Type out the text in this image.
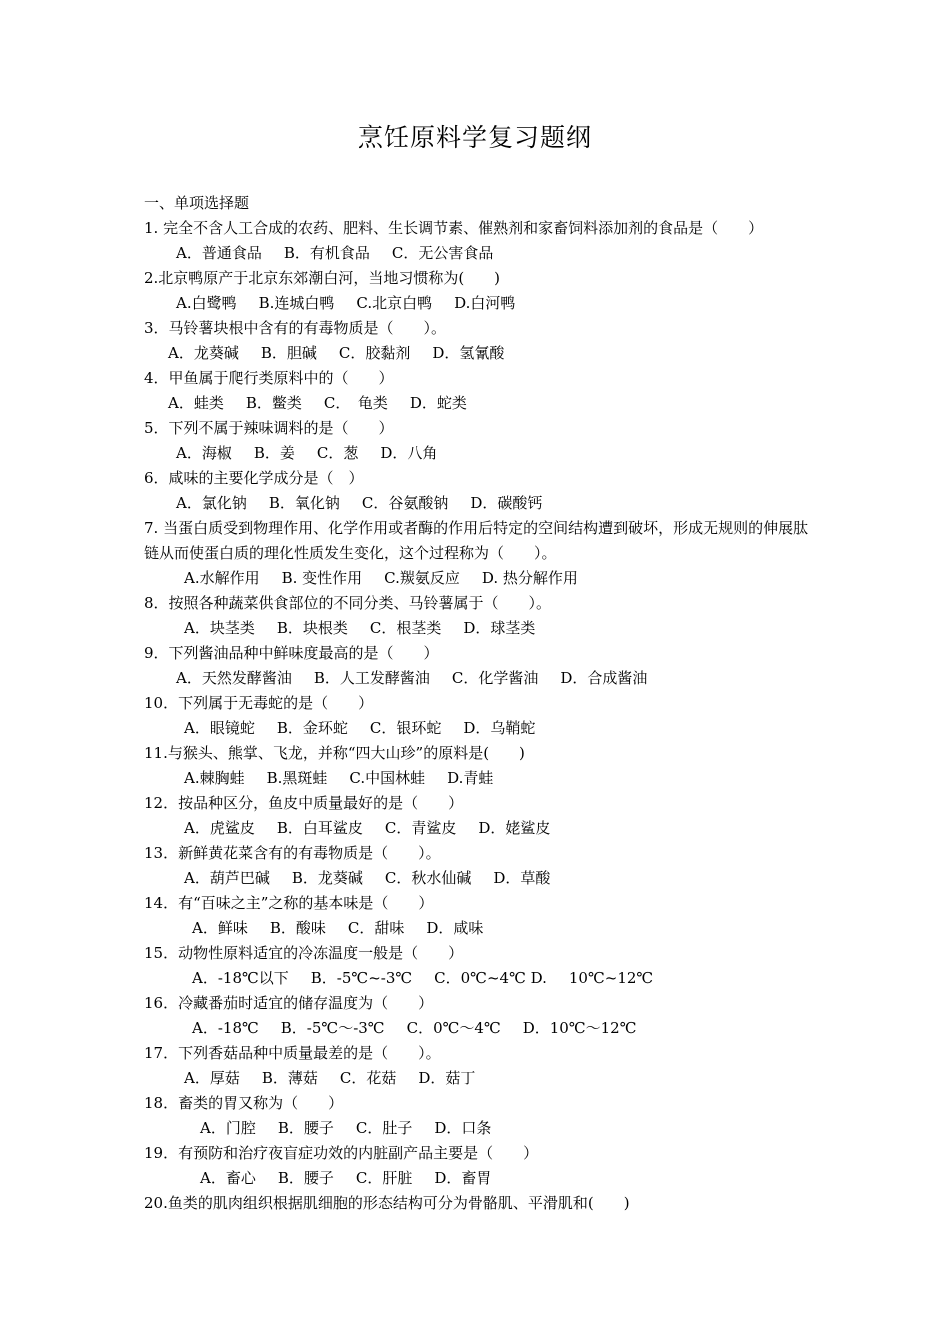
烹饪原料学复习题纲
一、单项选择题
1. 完全不含人工合成的农药、肥料、生长调节素、催熟剂和家畜饲料添加剂的食品是（　　）
A．普通食品 B．有机食品 C．无公害食品
2.北京鸭原产于北京东郊潮白河，当地习惯称为(　　)
A.白鹭鸭 B.连城白鸭 C.北京白鸭 D.白河鸭
3．马铃薯块根中含有的有毒物质是（　　）。
A．龙葵碱 B．胆碱 C．胶黏剂 D．氢氰酸
4．甲鱼属于爬行类原料中的（　　）
A．蛙类 B．鳖类 C．　龟类 D．蛇类
5．下列不属于辣味调料的是（　　）
A．海椒 B．姜 C．葱 D．八角
6．咸味的主要化学成分是（　）
A．氯化钠 B．氧化钠 C．谷氨酸钠 D．碳酸钙
7. 当蛋白质受到物理作用、化学作用或者酶的作用后特定的空间结构遭到破坏，形成无规则的伸展肽链从而使蛋白质的理化性质发生变化，这个过程称为（　　）。
A.水解作用 B. 变性作用 C.羰氨反应 D. 热分解作用
8．按照各种蔬菜供食部位的不同分类、马铃薯属于（　　）。
A．块茎类 B．块根类 C．根茎类 D．球茎类
9．下列酱油品种中鲜味度最高的是（　　）
A．天然发酵酱油 B．人工发酵酱油 C．化学酱油 D．合成酱油
10．下列属于无毒蛇的是（　　）
A．眼镜蛇 B．金环蛇 C．银环蛇 D．乌鞘蛇
11.与猴头、熊掌、飞龙，并称“四大山珍”的原料是(　　)
A.棘胸蛙 B.黑斑蛙 C.中国林蛙 D.青蛙
12．按品种区分，鱼皮中质量最好的是（　　）
A．虎鲨皮 B．白耳鲨皮 C．青鲨皮 D．姥鲨皮
13．新鲜黄花菜含有的有毒物质是（　　）。
A．葫芦巴碱 B．龙葵碱 C．秋水仙碱 D．草酸
14．有“百味之主”之称的基本味是（　　）
A．鲜味 B．酸味 C．甜味 D．咸味
15．动物性原料适宜的冷冻温度一般是（　　）
A．-18℃以下 B．-5℃~-3℃ C．0℃~4℃ D. 10℃~12℃
16．冷藏番茄时适宜的储存温度为（　　）
A．-18℃ B．-5℃～-3℃ C．0℃～4℃ D．10℃～12℃
17．下列香菇品种中质量最差的是（　　）。
A．厚菇 B．薄菇 C．花菇 D．菇丁
18．畜类的胃又称为（　　）
A．门腔 B．腰子 C．肚子 D．口条
19．有预防和治疗夜盲症功效的内脏副产品主要是（　　）
A．畜心 B．腰子 C．肝脏 D．畜胃
20.鱼类的肌肉组织根据肌细胞的形态结构可分为骨骼肌、平滑肌和(　　)
